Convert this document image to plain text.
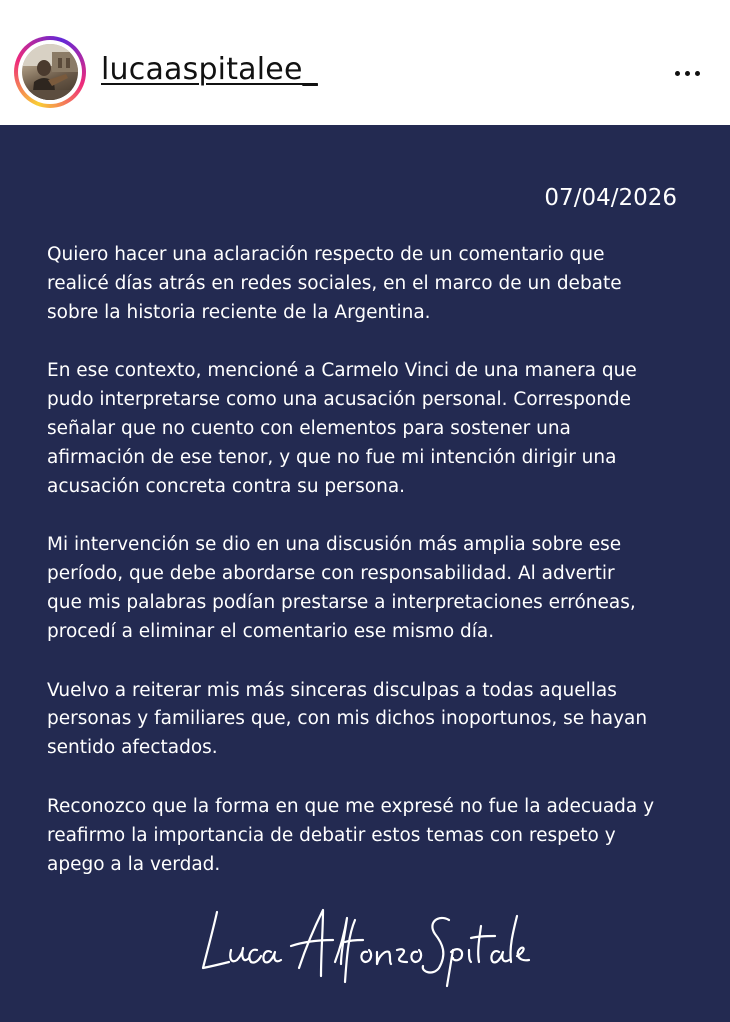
lucaaspitalee_
07/04/2026

Quiero hacer una aclaración respecto de un comentario que
realicé días atrás en redes sociales, en el marco de un debate
sobre la historia reciente de la Argentina.

En ese contexto, mencioné a Carmelo Vinci de una manera que
pudo interpretarse como una acusación personal. Corresponde
señalar que no cuento con elementos para sostener una
afirmación de ese tenor, y que no fue mi intención dirigir una
acusación concreta contra su persona.

Mi intervención se dio en una discusión más amplia sobre ese
período, que debe abordarse con responsabilidad. Al advertir
que mis palabras podían prestarse a interpretaciones erróneas,
procedí a eliminar el comentario ese mismo día.

Vuelvo a reiterar mis más sinceras disculpas a todas aquellas
personas y familiares que, con mis dichos inoportunos, se hayan
sentido afectados.

Reconozco que la forma en que me expresé no fue la adecuada y
reafirmo la importancia de debatir estos temas con respeto y
apego a la verdad.
